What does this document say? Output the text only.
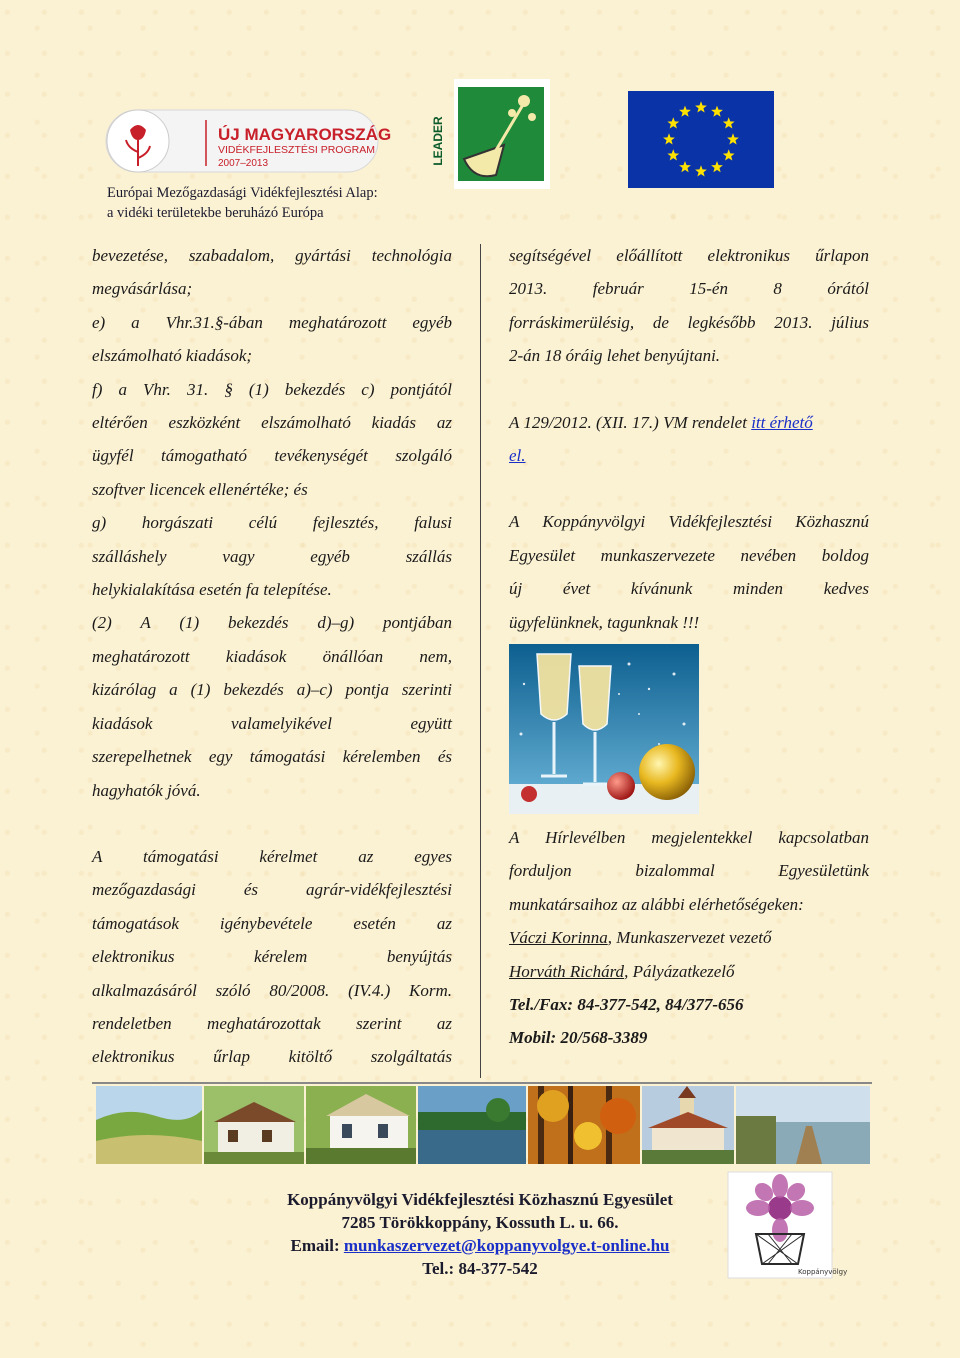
ÚJ MAGYARORSZÁG
VIDÉKFEJLESZTÉSI PROGRAM
2007–2013
Európai Mezőgazdasági Vidékfejlesztési Alap:
a vidéki területekbe beruházó Európa
LEADER

bevezetése, szabadalom, gyártási technológia

megvásárlása;

e) a Vhr.31.§-ában meghatározott egyéb

elszámolható kiadások;

f) a Vhr. 31. § (1) bekezdés c) pontjától

eltérően eszközként elszámolható kiadás az

ügyfél támogatható tevékenységét szolgáló

szoftver licencek ellenértéke; és

g) horgászati célú fejlesztés, falusi

szálláshely vagy egyéb szállás

helykialakítása esetén fa telepítése.

(2) A (1) bekezdés d)–g) pontjában

meghatározott kiadások önállóan nem,

kizárólag a (1) bekezdés a)–c) pontja szerinti

kiadások valamelyikével együtt

szerepelhetnek egy támogatási kérelemben és

hagyhatók jóvá.

A támogatási kérelmet az egyes

mezőgazdasági és agrár-vidékfejlesztési

támogatások igénybevétele esetén az

elektronikus kérelem benyújtás

alkalmazásáról szóló 80/2008. (IV.4.) Korm.

rendeletben meghatározottak szerint az

elektronikus űrlap kitöltő szolgáltatás

segítségével előállított elektronikus űrlapon

2013. február 15-én 8 órától

forráskimerülésig, de legkésőbb 2013. július

2-án 18 óráig lehet benyújtani.

A 129/2012. (XII. 17.) VM rendelet itt érhető

el.

A Koppányvölgyi Vidékfejlesztési Közhasznú

Egyesület munkaszervezete nevében boldog

új évet kívánunk minden kedves

ügyfelünknek, tagunknak !!!

A Hírlevélben megjelentekkel kapcsolatban

forduljon bizalommal Egyesületünk

munkatársaihoz az alábbi elérhetőségeken:

Váczi Korinna, Munkaszervezet vezető

Horváth Richárd, Pályázatkezelő

Tel./Fax: 84-377-542, 84/377-656

Mobil: 20/568-3389

Koppányvölgyi Vidékfejlesztési Közhasznú Egyesület
7285 Törökkoppány, Kossuth L. u. 66.
Email: munkaszervezet@koppanyvolgye.t-online.hu
Tel.: 84-377-542	Koppányvölgy
